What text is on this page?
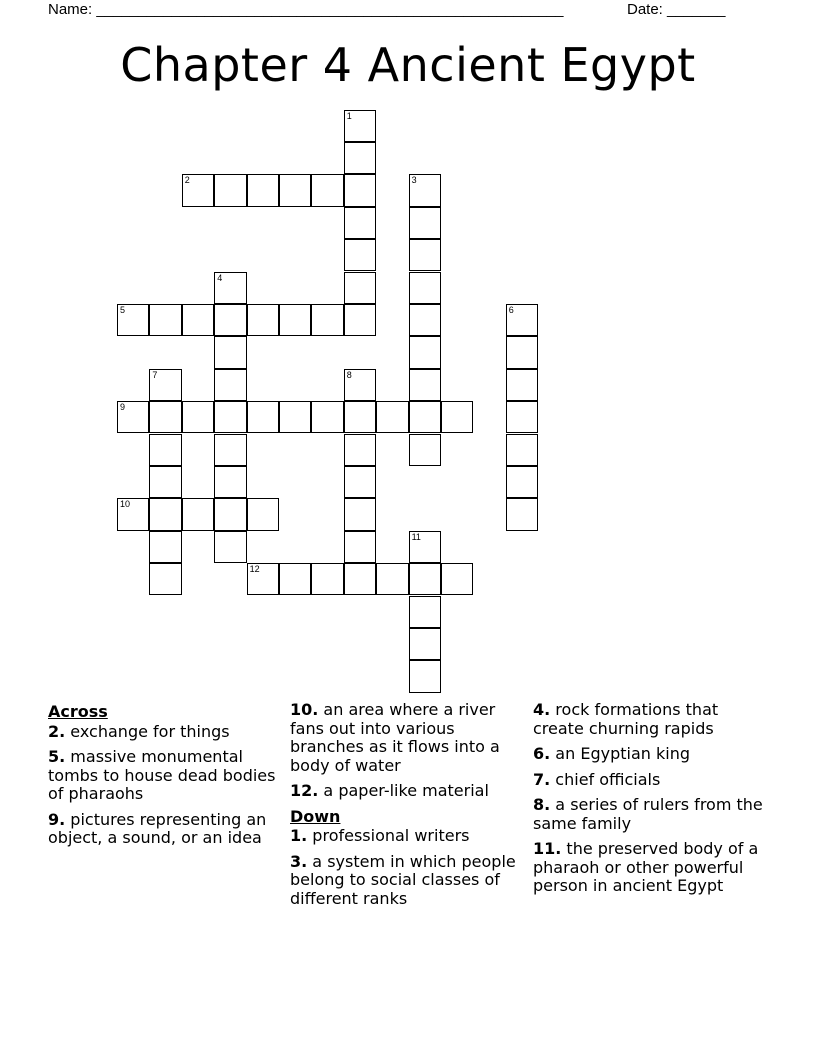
Name: ________________________________________________________	Date: _______
Chapter 4 Ancient Egypt
1
2	3
4
5	6
7	8
9
10
11
12
Across
2. exchange for things
5. massive monumental tombs to house dead bodies of pharaohs
9. pictures representing an object, a sound, or an idea
10. an area where a river fans out into various branches as it flows into a body of water
12. a paper-like material
Down
1. professional writers
3. a system in which people belong to social classes of different ranks
4. rock formations that create churning rapids
6. an Egyptian king
7. chief officials
8. a series of rulers from the same family
11. the preserved body of a pharaoh or other powerful person in ancient Egypt
